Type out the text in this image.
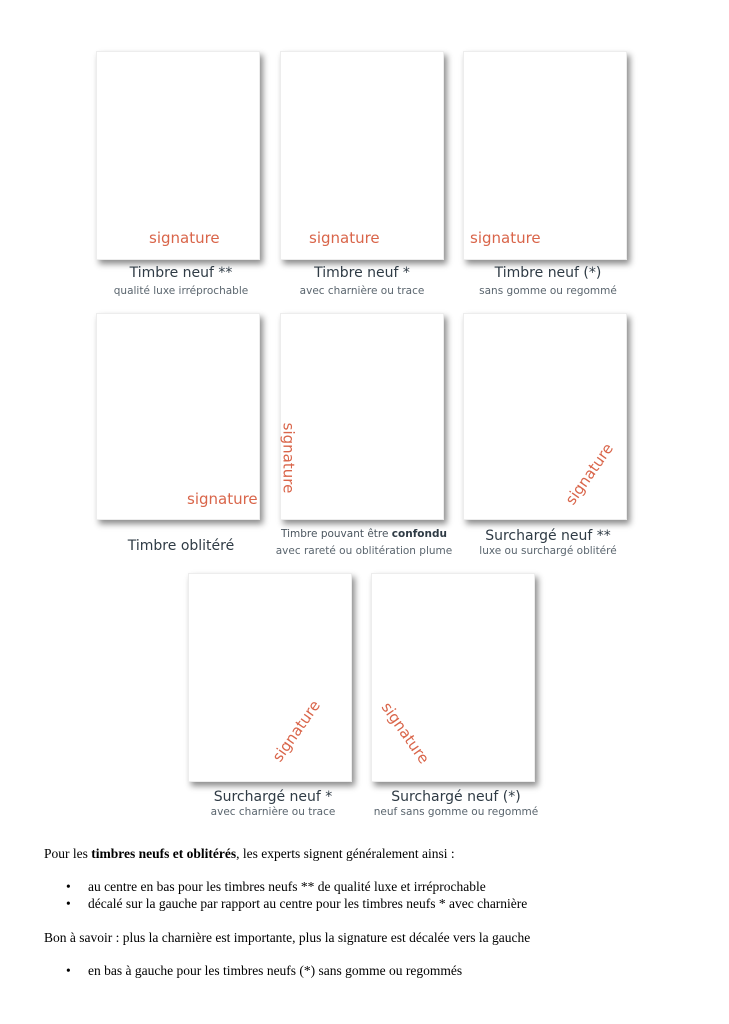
signature
Timbre neuf **
qualité luxe irréprochable
signature
Timbre neuf *
avec charnière ou trace
signature
Timbre neuf (*)
sans gomme ou regommé
signature
Timbre oblitéré
signature
Timbre pouvant être confondu
avec rareté ou oblitération plume
signature
Surchargé neuf **
luxe ou surchargé oblitéré
signature
Surchargé neuf *
avec charnière ou trace
signature
Surchargé neuf (*)
neuf sans gomme ou regommé
Pour les timbres neufs et oblitérés, les experts signent généralement ainsi :
• au centre en bas pour les timbres neufs ** de qualité luxe et irréprochable
• décalé sur la gauche par rapport au centre pour les timbres neufs * avec charnière
Bon à savoir : plus la charnière est importante, plus la signature est décalée vers la gauche
• en bas à gauche pour les timbres neufs (*) sans gomme ou regommés
